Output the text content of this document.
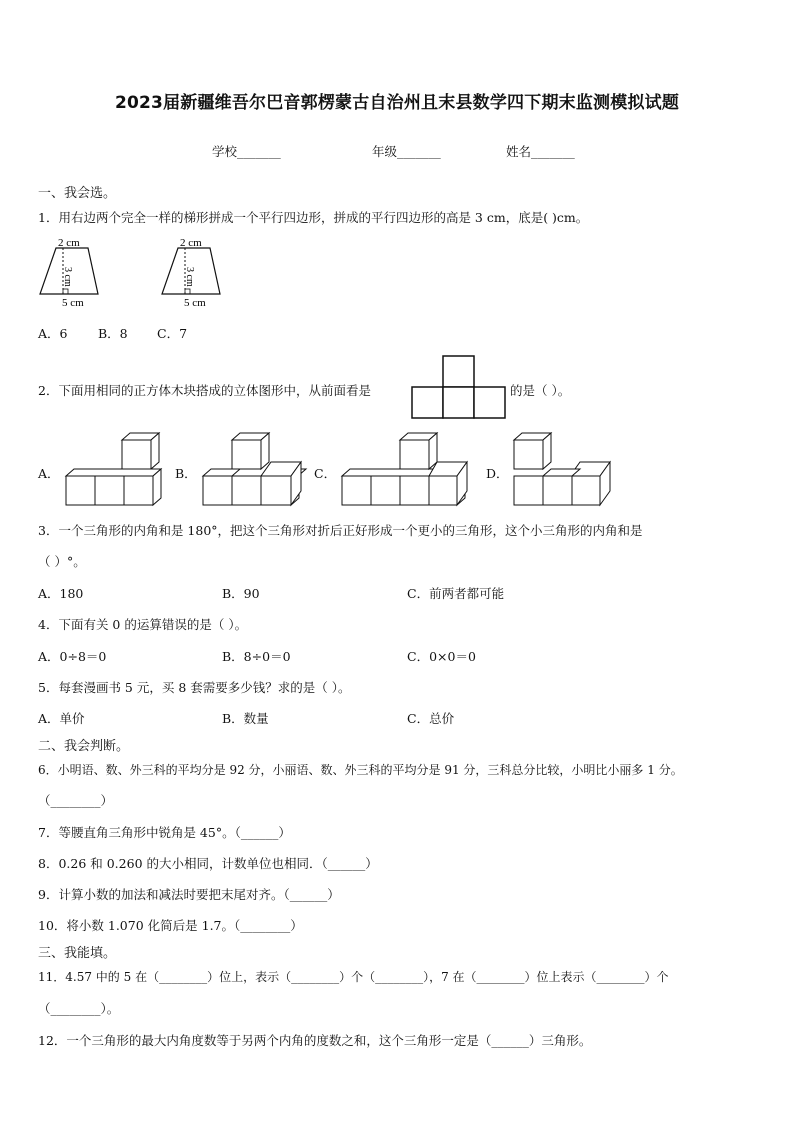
2023届新疆维吾尔巴音郭楞蒙古自治州且末县数学四下期末监测模拟试题
学校_______	年级_______	姓名_______
一、我会选。
1．用右边两个完全一样的梯形拼成一个平行四边形，拼成的平行四边形的高是 3 cm，底是( )cm。
2 cm
3 cm
5 cm
2 cm
3 cm
5 cm
A．6 B．8 C．7
2．下面用相同的正方体木块搭成的立体图形中，从前面看是	的是（ ）。
A．	B．	C．	D．
3．一个三角形的内角和是 180°，把这个三角形对折后正好形成一个更小的三角形，这个小三角形的内角和是
（ ）°。
A．180	B．90	C．前两者都可能
4．下面有关 0 的运算错误的是（ ）。
A．0÷8＝0	B．8÷0＝0	C．0×0＝0
5．每套漫画书 5 元，买 8 套需要多少钱？求的是（ ）。
A．单价	B．数量	C．总价
二、我会判断。
6．小明语、数、外三科的平均分是 92 分，小丽语、数、外三科的平均分是 91 分，三科总分比较，小明比小丽多 1 分。
（________）
7．等腰直角三角形中锐角是 45°。（______）
8．0.26 和 0.260 的大小相同，计数单位也相同．（______）
9．计算小数的加法和减法时要把末尾对齐。（______）
10．将小数 1.070 化简后是 1.7。（________）
三、我能填。
11．4.57 中的 5 在（________）位上，表示（________）个（________），7 在（________）位上表示（________）个
（________）。
12．一个三角形的最大内角度数等于另两个内角的度数之和，这个三角形一定是（______）三角形。
